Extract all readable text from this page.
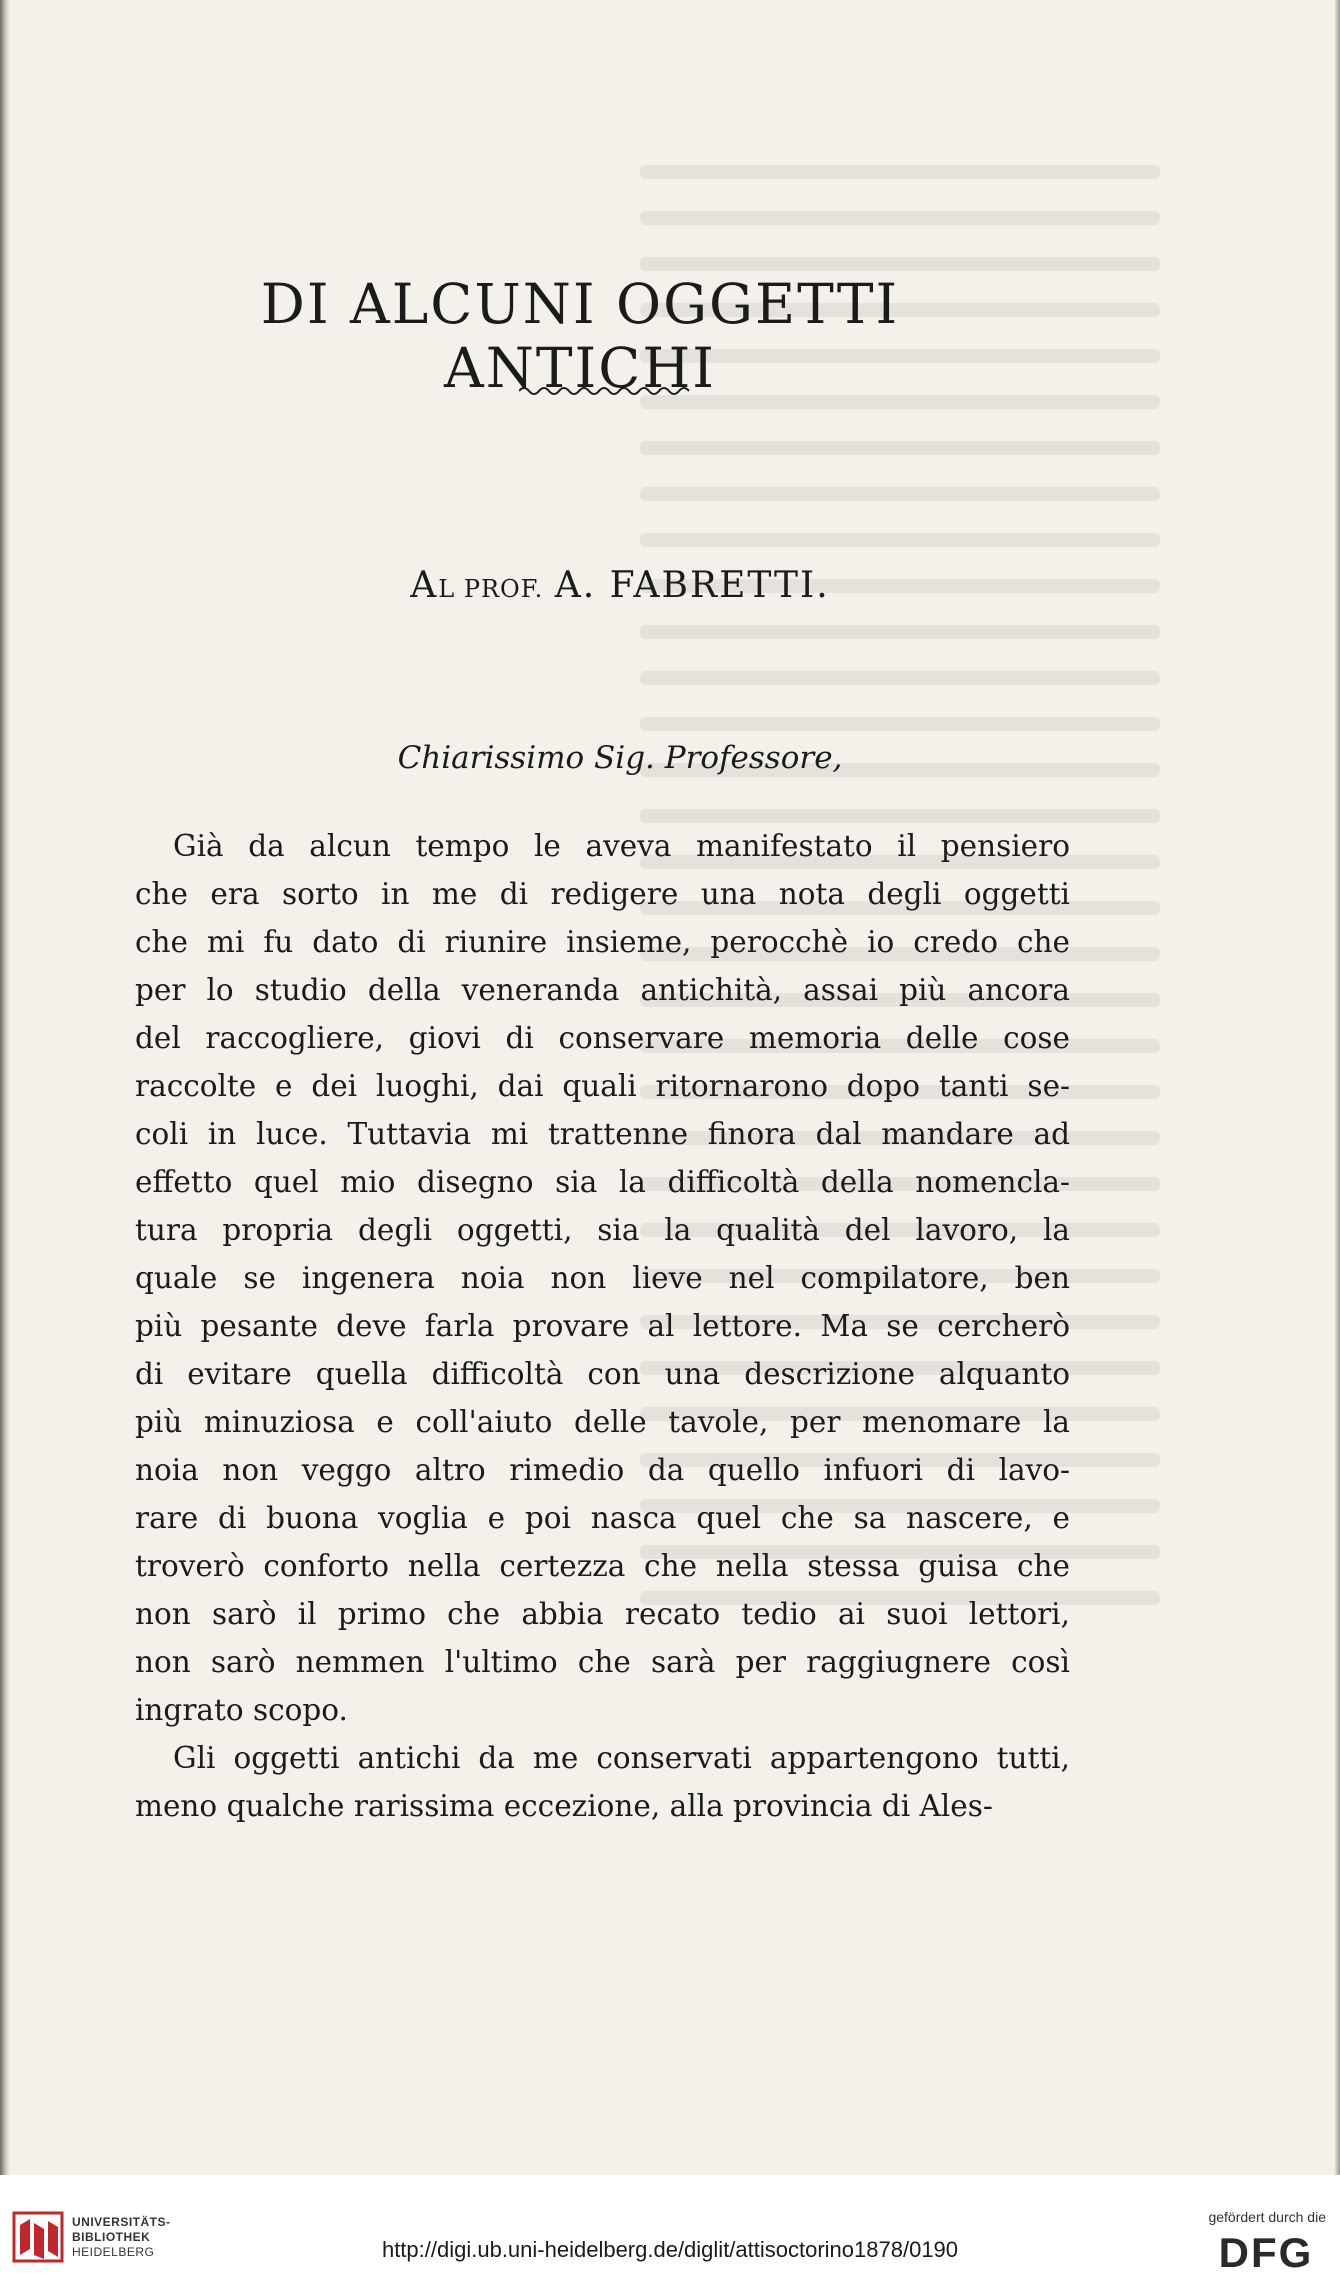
DI ALCUNI OGGETTI ANTICHI
AL PROF. A. FABRETTI.
Chiarissimo Sig. Professore,

Già da alcun tempo le aveva manifestato il pensiero
che era sorto in me di redigere una nota degli oggetti
che mi fu dato di riunire insieme, perocchè io credo che
per lo studio della veneranda antichità, assai più ancora
del raccogliere, giovi di conservare memoria delle cose
raccolte e dei luoghi, dai quali ritornarono dopo tanti se-
coli in luce. Tuttavia mi trattenne finora dal mandare ad
effetto quel mio disegno sia la difficoltà della nomencla-
tura propria degli oggetti, sia la qualità del lavoro, la
quale se ingenera noia non lieve nel compilatore, ben
più pesante deve farla provare al lettore. Ma se cercherò
di evitare quella difficoltà con una descrizione alquanto
più minuziosa e coll'aiuto delle tavole, per menomare la
noia non veggo altro rimedio da quello infuori di lavo-
rare di buona voglia e poi nasca quel che sa nascere, e
troverò conforto nella certezza che nella stessa guisa che
non sarò il primo che abbia recato tedio ai suoi lettori,
non sarò nemmen l'ultimo che sarà per raggiugnere così
ingrato scopo.

Gli oggetti antichi da me conservati appartengono tutti,
meno qualche rarissima eccezione, alla provincia di Ales-

UNIVERSITÄTS-
BIBLIOTHEK
HEIDELBERG	http://digi.ub.uni-heidelberg.de/diglit/attisoctorino1878/0190
gefördert durch die
DFG
